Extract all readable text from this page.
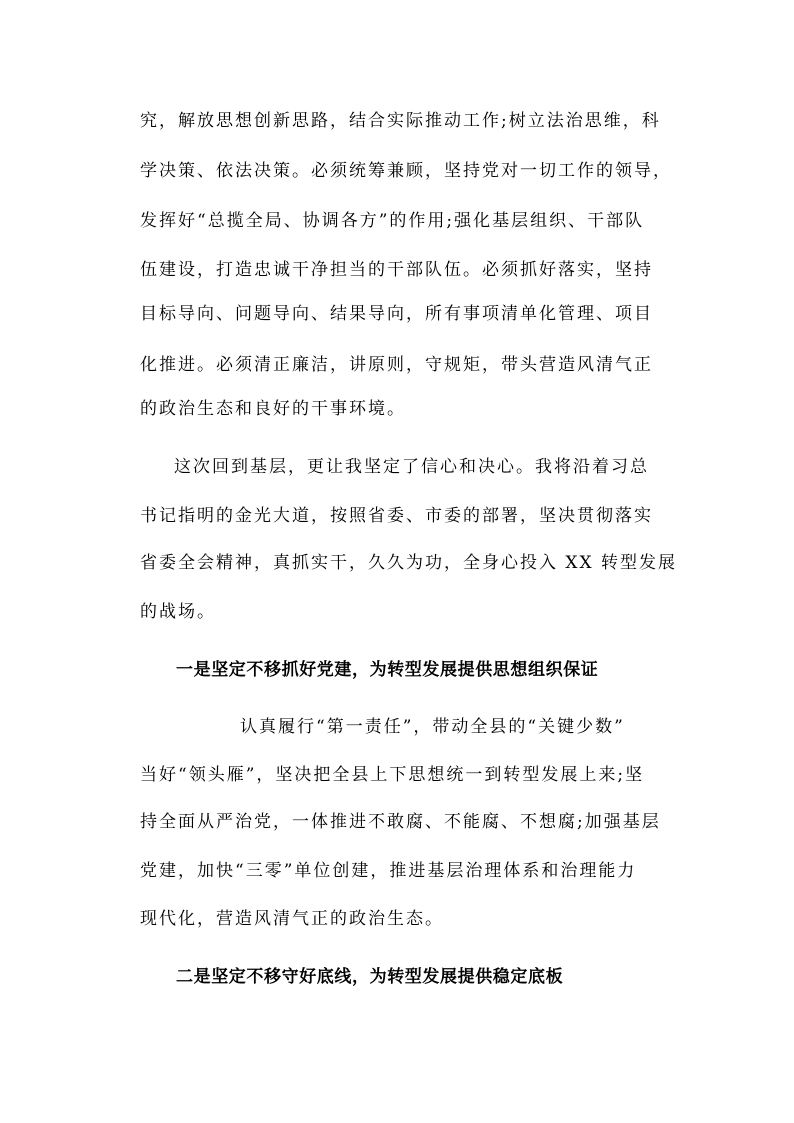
究，解放思想创新思路，结合实际推动工作;树立法治思维，科
学决策、依法决策。必须统筹兼顾，坚持党对一切工作的领导，
发挥好“总揽全局、协调各方”的作用;强化基层组织、干部队
伍建设，打造忠诚干净担当的干部队伍。必须抓好落实，坚持
目标导向、问题导向、结果导向，所有事项清单化管理、项目
化推进。必须清正廉洁，讲原则，守规矩，带头营造风清气正
的政治生态和良好的干事环境。
这次回到基层，更让我坚定了信心和决心。我将沿着习总
书记指明的金光大道，按照省委、市委的部署，坚决贯彻落实
省委全会精神，真抓实干，久久为功，全身心投入 XX 转型发展
的战场。
一是坚定不移抓好党建，为转型发展提供思想组织保证
认真履行“第一责任”，带动全县的“关键少数”
当好“领头雁”，坚决把全县上下思想统一到转型发展上来;坚
持全面从严治党，一体推进不敢腐、不能腐、不想腐;加强基层
党建，加快“三零”单位创建，推进基层治理体系和治理能力
现代化，营造风清气正的政治生态。
二是坚定不移守好底线，为转型发展提供稳定底板
